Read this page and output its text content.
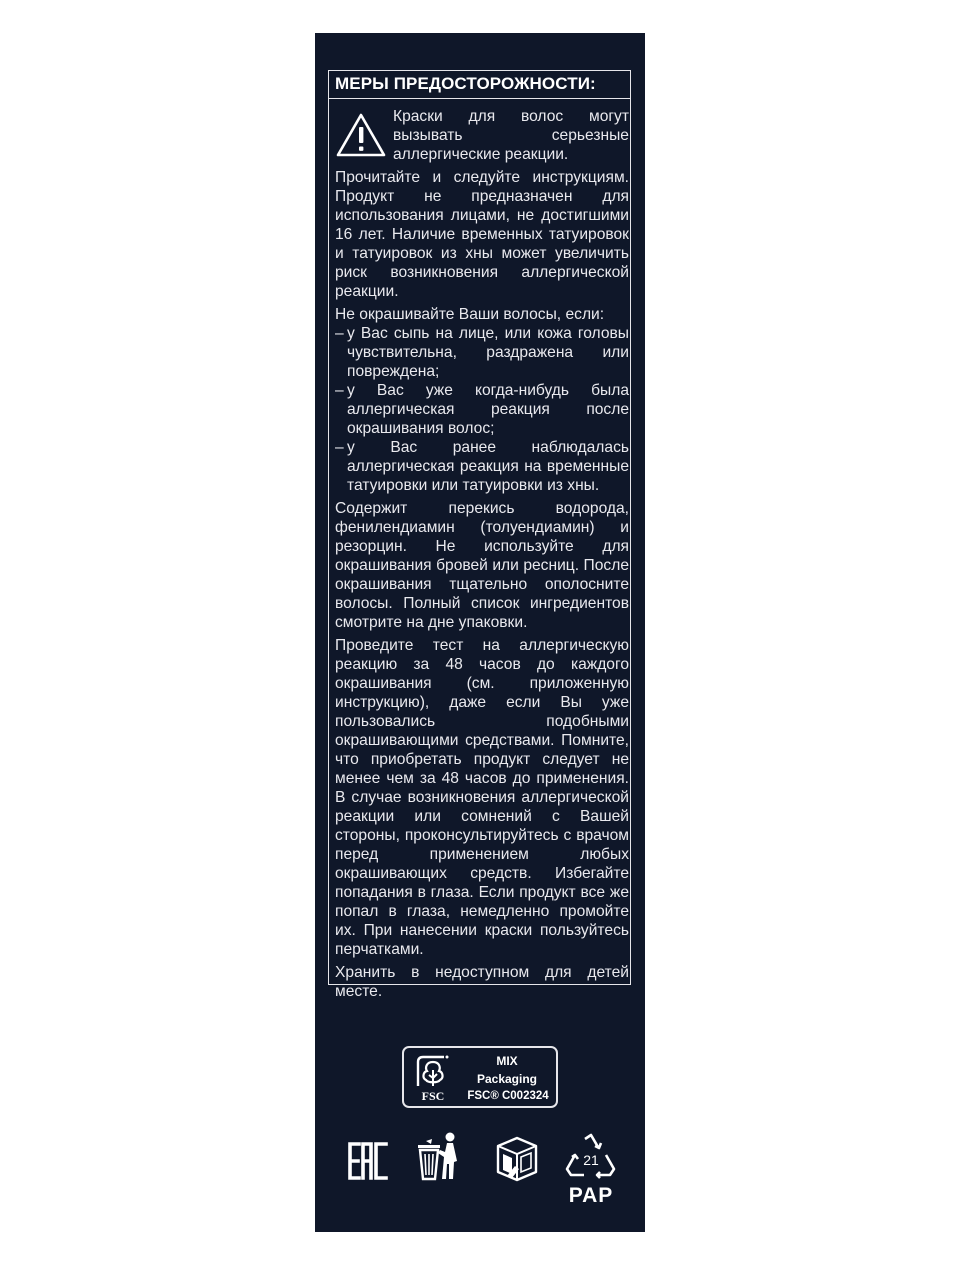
МЕРЫ ПРЕДОСТОРОЖНОСТИ:
Краски для волос могут вызывать серьезные аллергические реакции.
Прочитайте и следуйте инструкциям. Продукт не предназначен для использования лицами, не достигшими 16 лет. Наличие временных татуировок и татуировок из хны может увеличить риск возникновения аллергической реакции.
Не окрашивайте Ваши волосы, если:
– у Вас сыпь на лице, или кожа головы чувствительна, раздражена или повреждена;
– у Вас уже когда-нибудь была аллергическая реакция после окрашивания волос;
– у Вас ранее наблюдалась аллергическая реакция на временные татуировки или татуировки из хны.
Содержит перекись водорода, фенилендиамин (толуендиамин) и резорцин. Не используйте для окрашивания бровей или ресниц. После окрашивания тщательно ополосните волосы. Полный список ингредиентов смотрите на дне упаковки.
Проведите тест на аллергическую реакцию за 48 часов до каждого окрашивания (см. приложенную инструкцию), даже если Вы уже пользовались подобными окрашивающими средствами. Помните, что приобретать продукт следует не менее чем за 48 часов до применения. В случае возникновения аллергической реакции или сомнений с Вашей стороны, проконсультируйтесь с врачом перед применением любых окрашивающих средств. Избегайте попадания в глаза. Если продукт все же попал в глаза, немедленно промойте их. При нанесении краски пользуйтесь перчатками.
Хранить в недоступном для детей месте.
FSC
MIX
Packaging
FSC® C002324
21
PAP
